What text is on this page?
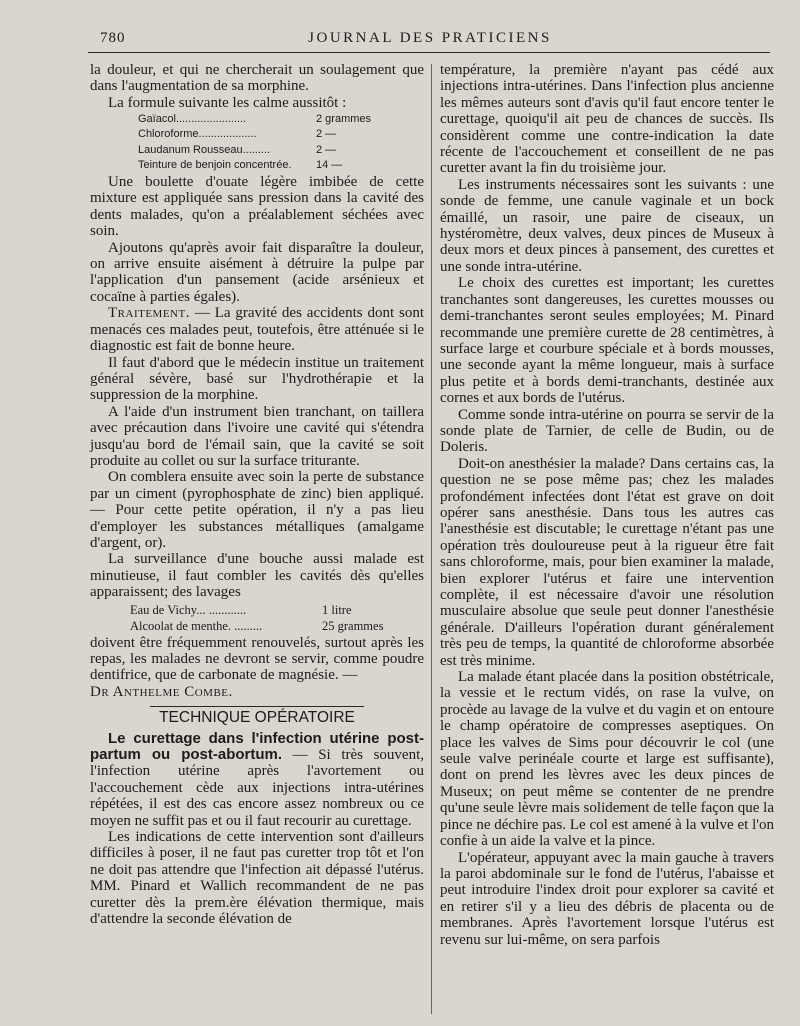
780	JOURNAL DES PRATICIENS

la douleur, et qui ne chercherait un soulagement que dans l'augmentation de sa morphine.

La formule suivante les calme aussitôt :

Gaïacol.......................	2 grammes
Chloroforme...................	2 —
Laudanum Rousseau.........	2 —
Teinture de benjoin concentrée.	14 —

Une boulette d'ouate légère imbibée de cette mixture est appliquée sans pression dans la cavité des dents malades, qu'on a préalablement séchées avec soin.

Ajoutons qu'après avoir fait disparaître la douleur, on arrive ensuite aisément à détruire la pulpe par l'application d'un pansement (acide arsénieux et cocaïne à parties égales).

Traitement. — La gravité des accidents dont sont menacés ces malades peut, toutefois, être atténuée si le diagnostic est fait de bonne heure.

Il faut d'abord que le médecin institue un traitement général sévère, basé sur l'hydrothérapie et la suppression de la morphine.

A l'aide d'un instrument bien tranchant, on taillera avec précaution dans l'ivoire une cavité qui s'étendra jusqu'au bord de l'émail sain, que la cavité se soit produite au collet ou sur la surface triturante.

On comblera ensuite avec soin la perte de substance par un ciment (pyrophosphate de zinc) bien appliqué. — Pour cette petite opération, il n'y a pas lieu d'employer les substances métalliques (amalgame d'argent, or).

La surveillance d'une bouche aussi malade est minutieuse, il faut combler les cavités dès qu'elles apparaissent; des lavages

Eau de Vichy... ............	1 litre
Alcoolat de menthe. .........	25 grammes

doivent être fréquemment renouvelés, surtout après les repas, les malades ne devront se servir, comme poudre dentifrice, que de carbonate de magnésie. —

Dr Anthelme Combe.

TECHNIQUE OPÉRATOIRE

Le curettage dans l'infection utérine post-partum ou post-abortum. — Si très souvent, l'infection utérine après l'avortement ou l'accouchement cède aux injections intra-utérines répétées, il est des cas encore assez nombreux ou ce moyen ne suffit pas et ou il faut recourir au curettage.

Les indications de cette intervention sont d'ailleurs difficiles à poser, il ne faut pas curetter trop tôt et l'on ne doit pas attendre que l'infection ait dépassé l'utérus. MM. Pinard et Wallich recommandent de ne pas curetter dès la prem.ère élévation thermique, mais d'attendre la seconde élévation de

température, la première n'ayant pas cédé aux injections intra-utérines. Dans l'infection plus ancienne les mêmes auteurs sont d'avis qu'il faut encore tenter le curettage, quoiqu'il ait peu de chances de succès. Ils considèrent comme une contre-indication la date récente de l'accouchement et conseillent de ne pas curetter avant la fin du troisième jour.

Les instruments nécessaires sont les suivants : une sonde de femme, une canule vaginale et un bock émaillé, un rasoir, une paire de ciseaux, un hystéromètre, deux valves, deux pinces de Museux à deux mors et deux pinces à pansement, des curettes et une sonde intra-utérine.

Le choix des curettes est important; les curettes tranchantes sont dangereuses, les curettes mousses ou demi-tranchantes seront seules employées; M. Pinard recommande une première curette de 28 centimètres, à surface large et courbure spéciale et à bords mousses, une seconde ayant la même longueur, mais à surface plus petite et à bords demi-tranchants, destinée aux cornes et aux bords de l'utérus.

Comme sonde intra-utérine on pourra se servir de la sonde plate de Tarnier, de celle de Budin, ou de Doleris.

Doit-on anesthésier la malade? Dans certains cas, la question ne se pose même pas; chez les malades profondément infectées dont l'état est grave on doit opérer sans anesthésie. Dans tous les autres cas l'anesthésie est discutable; le curettage n'étant pas une opération très douloureuse peut à la rigueur être fait sans chloroforme, mais, pour bien examiner la malade, bien explorer l'utérus et faire une intervention complète, il est nécessaire d'avoir une résolution musculaire absolue que seule peut donner l'anesthésie générale. D'ailleurs l'opération durant généralement très peu de temps, la quantité de chloroforme absorbée est très minime.

La malade étant placée dans la position obstétricale, la vessie et le rectum vidés, on rase la vulve, on procède au lavage de la vulve et du vagin et on entoure le champ opératoire de compresses aseptiques. On place les valves de Sims pour découvrir le col (une seule valve perinéale courte et large est suffisante), dont on prend les lèvres avec les deux pinces de Museux; on peut même se contenter de ne prendre qu'une seule lèvre mais solidement de telle façon que la pince ne déchire pas. Le col est amené à la vulve et l'on confie à un aide la valve et la pince.

L'opérateur, appuyant avec la main gauche à travers la paroi abdominale sur le fond de l'utérus, l'abaisse et peut introduire l'index droit pour explorer sa cavité et en retirer s'il y a lieu des débris de placenta ou de membranes. Après l'avortement lorsque l'utérus est revenu sur lui-même, on sera parfois
